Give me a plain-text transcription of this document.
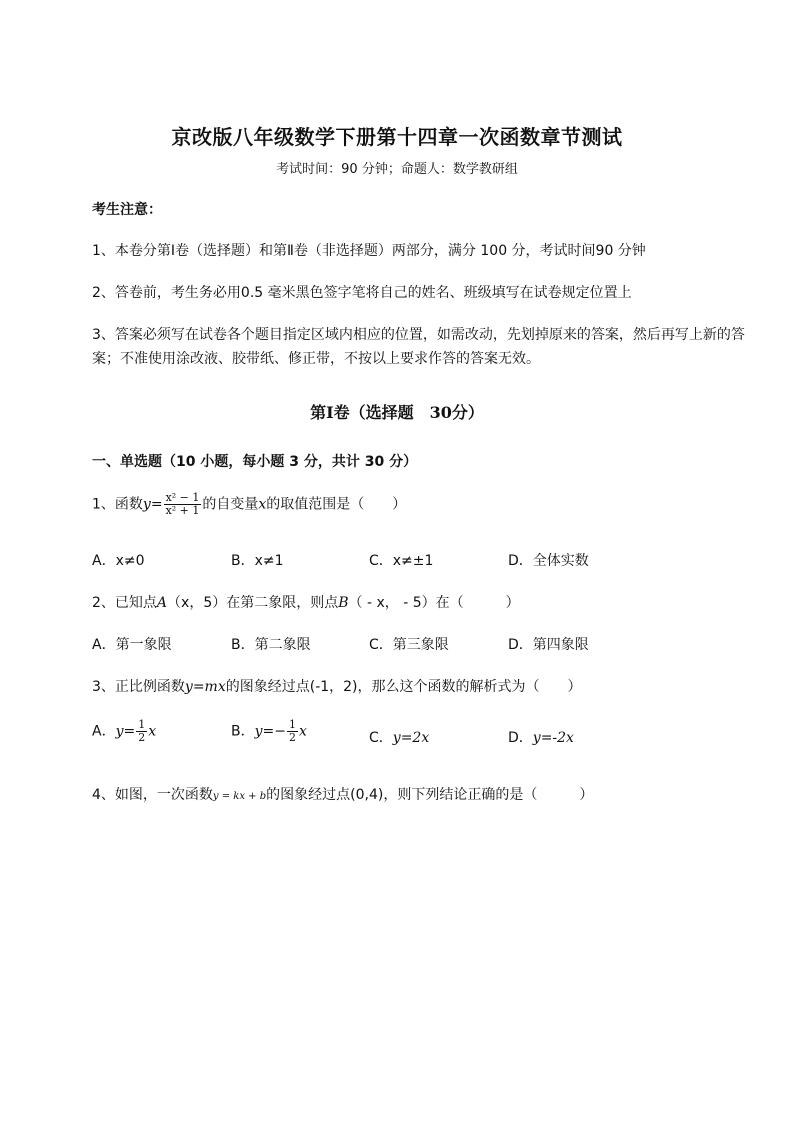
京改版八年级数学下册第十四章一次函数章节测试
考试时间：90 分钟；命题人：数学教研组
考生注意：
1、本卷分第Ⅰ卷（选择题）和第Ⅱ卷（非选择题）两部分，满分 100 分，考试时间90 分钟
2、答卷前，考生务必用0.5 毫米黑色签字笔将自己的姓名、班级填写在试卷规定位置上
3、答案必须写在试卷各个题目指定区域内相应的位置，如需改动，先划掉原来的答案，然后再写上新的答案；不准使用涂改液、胶带纸、修正带，不按以上要求作答的答案无效。
第Ⅰ卷（选择题　30分）
一、单选题（10 小题，每小题 3 分，共计 30 分）
1、函数$y= \frac{\text{x² − 1}}{\text{x² + 1}}$ 的自变量x的取值范围是（　　）
A．x≠0	B．x≠1	C．x≠±1	D．全体实数
2、已知点A（x，5）在第二象限，则点B（ - x， - 5）在（　　　）
A．第一象限	B．第二象限	C．第三象限	D．第四象限
3、正比例函数y=mx的图象经过点(-1，2)，那么这个函数的解析式为（　　）
A．$y= \frac{1}{2}$ x	B．$y=- \frac{1}{2}$ x	C．y=2x	D．y=-2x
4、如图，一次函数y = kx + b的图象经过点(0,4)，则下列结论正确的是（　　　）
